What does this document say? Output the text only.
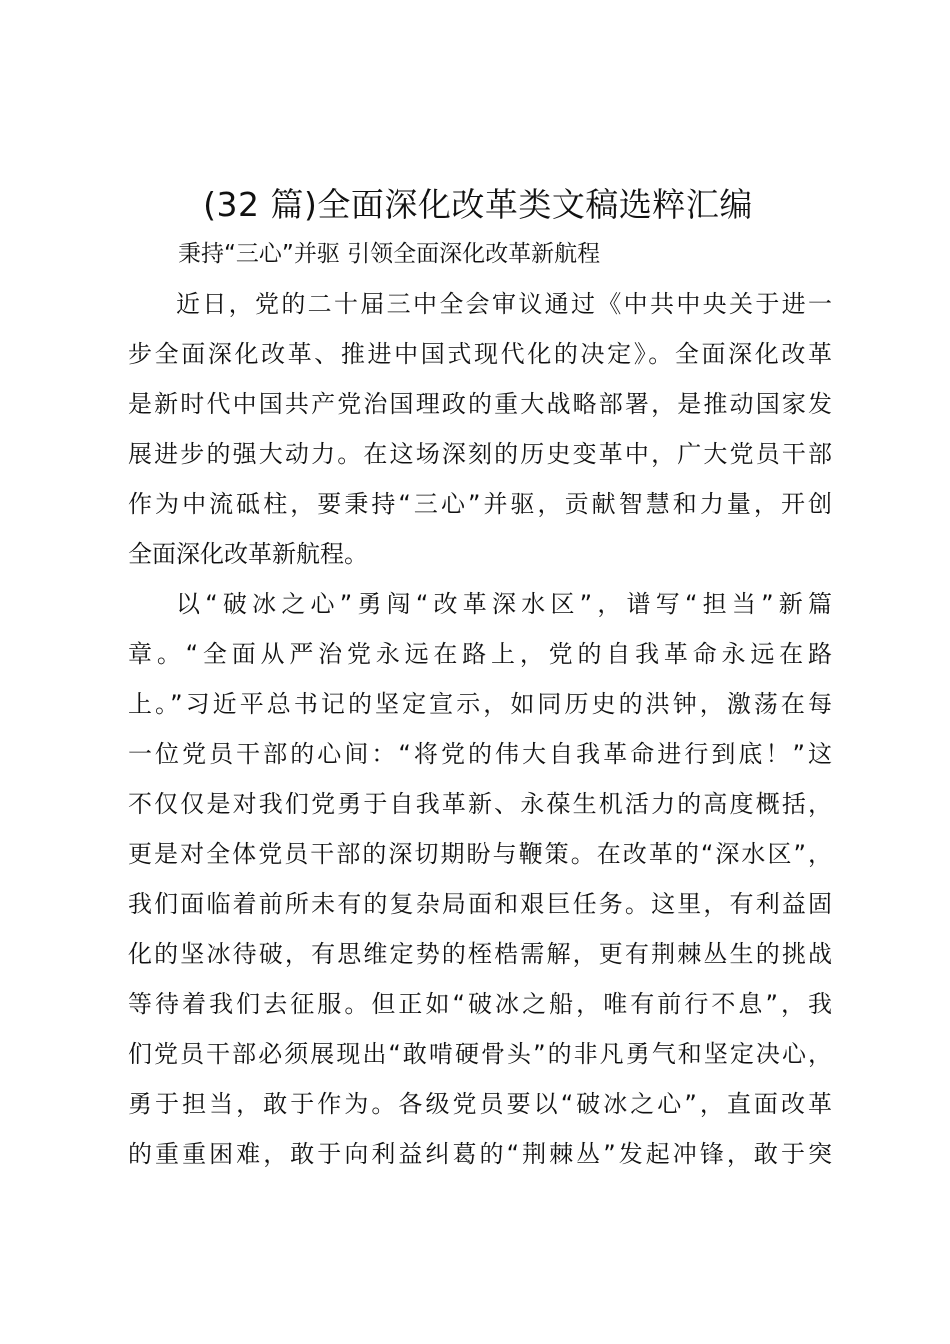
(32 篇)全面深化改革类文稿选粹汇编

秉持“三心”并驱 引领全面深化改革新航程

近日，党的二十届三中全会审议通过《中共中央关于进一

步全面深化改革、推进中国式现代化的决定》。全面深化改革

是新时代中国共产党治国理政的重大战略部署，是推动国家发

展进步的强大动力。在这场深刻的历史变革中，广大党员干部

作为中流砥柱，要秉持“三心”并驱，贡献智慧和力量，开创

全面深化改革新航程。

以“破冰之心”勇闯“改革深水区”，谱写“担当”新篇

章。“全面从严治党永远在路上，党的自我革命永远在路

上。”习近平总书记的坚定宣示，如同历史的洪钟，激荡在每

一位党员干部的心间：“将党的伟大自我革命进行到底！”这

不仅仅是对我们党勇于自我革新、永葆生机活力的高度概括，

更是对全体党员干部的深切期盼与鞭策。在改革的“深水区”，

我们面临着前所未有的复杂局面和艰巨任务。这里，有利益固

化的坚冰待破，有思维定势的桎梏需解，更有荆棘丛生的挑战

等待着我们去征服。但正如“破冰之船，唯有前行不息”，我

们党员干部必须展现出“敢啃硬骨头”的非凡勇气和坚定决心，

勇于担当，敢于作为。各级党员要以“破冰之心”，直面改革

的重重困难，敢于向利益纠葛的“荆棘丛”发起冲锋，敢于突
